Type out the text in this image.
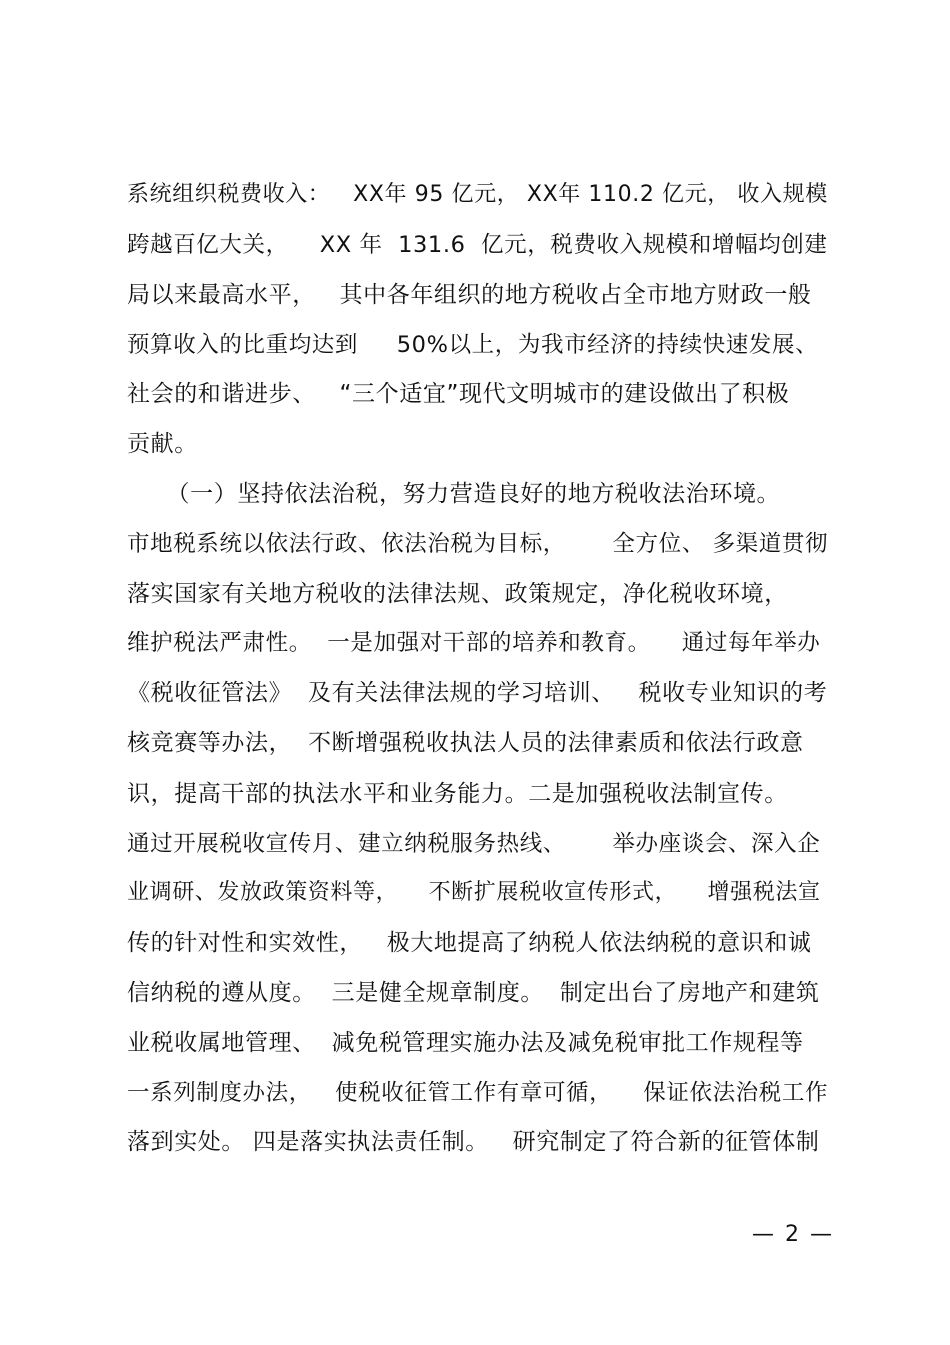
系统组织税费收入：   XX年 95 亿元， XX年 110.2 亿元， 收入规模
跨越百亿大关，    XX 年  131.6  亿元，税费收入规模和增幅均创建
局以来最高水平，   其中各年组织的地方税收占全市地方财政一般
预算收入的比重均达到     50%以上，为我市经济的持续快速发展、
社会的和谐进步、   “三个适宜”现代文明城市的建设做出了积极
贡献。
（一）坚持依法治税，努力营造良好的地方税收法治环境。
市地税系统以依法行政、依法治税为目标，      全方位、 多渠道贯彻
落实国家有关地方税收的法律法规、政策规定，净化税收环境，
维护税法严肃性。  一是加强对干部的培养和教育。    通过每年举办
《税收征管法》  及有关法律法规的学习培训、   税收专业知识的考
核竞赛等办法，  不断增强税收执法人员的法律素质和依法行政意
识，提高干部的执法水平和业务能力。二是加强税收法制宣传。
通过开展税收宣传月、建立纳税服务热线、      举办座谈会、深入企
业调研、发放政策资料等，    不断扩展税收宣传形式，    增强税法宣
传的针对性和实效性，   极大地提高了纳税人依法纳税的意识和诚
信纳税的遵从度。  三是健全规章制度。  制定出台了房地产和建筑
业税收属地管理、  减免税管理实施办法及减免税审批工作规程等
一系列制度办法，   使税收征管工作有章可循，    保证依法治税工作
落到实处。 四是落实执法责任制。   研究制定了符合新的征管体制
— 2 —
